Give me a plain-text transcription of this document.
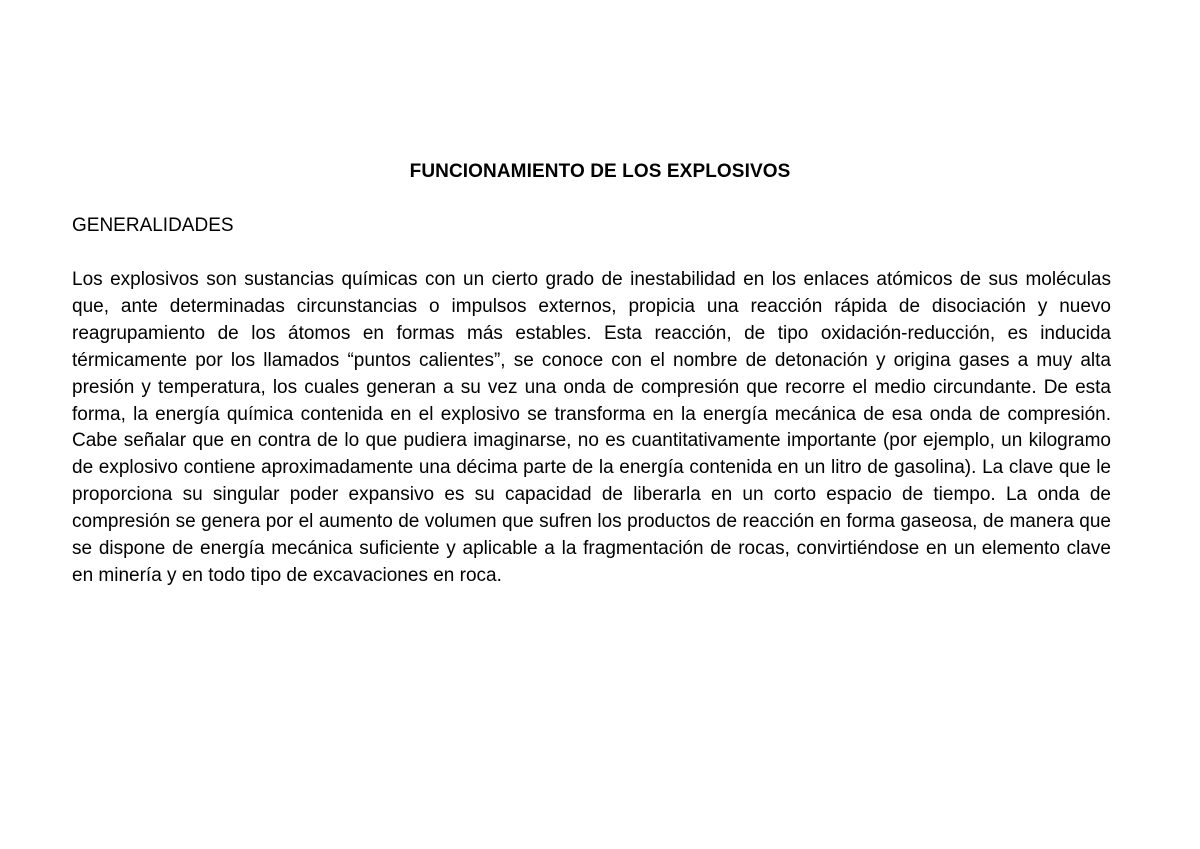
FUNCIONAMIENTO DE LOS EXPLOSIVOS
GENERALIDADES

Los explosivos son sustancias químicas con un cierto grado de inestabilidad en los enlaces atómicos de sus moléculas que, ante determinadas circunstancias o impulsos externos, propicia una reacción rápida de disociación y nuevo reagrupamiento de los átomos en formas más estables. Esta reacción, de tipo oxidación-reducción, es inducida térmicamente por los llamados “puntos calientes”, se conoce con el nombre de detonación y origina gases a muy alta presión y temperatura, los cuales generan a su vez una onda de compresión que recorre el medio circundante. De esta forma, la energía química contenida en el explosivo se transforma en la energía mecánica de esa onda de compresión. Cabe señalar que en contra de lo que pudiera imaginarse, no es cuantitativamente importante (por ejemplo, un kilogramo de explosivo contiene aproximadamente una décima parte de la energía contenida en un litro de gasolina). La clave que le proporciona su singular poder expansivo es su capacidad de liberarla en un corto espacio de tiempo. La onda de compresión se genera por el aumento de volumen que sufren los productos de reacción en forma gaseosa, de manera que se dispone de energía mecánica suficiente y aplicable a la fragmentación de rocas, convirtiéndose en un elemento clave en minería y en todo tipo de excavaciones en roca.
